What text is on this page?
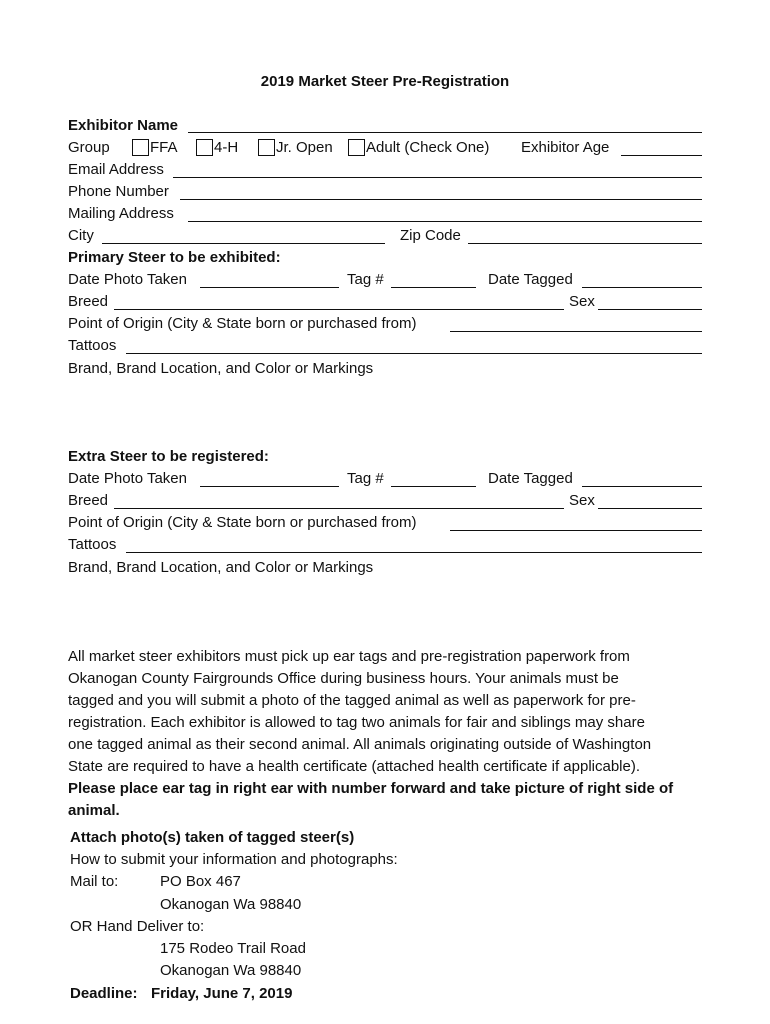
2019 Market Steer Pre-Registration
Exhibitor Name
Group	FFA 4-H	Jr. Open Adult (Check One) Exhibitor Age
Email Address
Phone Number
Mailing Address
City	Zip Code
Primary Steer to be exhibited:
Date Photo Taken	Tag #	Date Tagged
Breed	Sex
Point of Origin (City & State born or purchased from)
Tattoos
Brand, Brand Location, and Color or Markings
Extra Steer to be registered:
Date Photo Taken	Tag #	Date Tagged
Breed	Sex
Point of Origin (City & State born or purchased from)
Tattoos
Brand, Brand Location, and Color or Markings
All market steer exhibitors must pick up ear tags and pre-registration paperwork from
Okanogan County Fairgrounds Office during business hours. Your animals must be
tagged and you will submit a photo of the tagged animal as well as paperwork for pre-
registration. Each exhibitor is allowed to tag two animals for fair and siblings may share
one tagged animal as their second animal. All animals originating outside of Washington
State are required to have a health certificate (attached health certificate if applicable).
Please place ear tag in right ear with number forward and take picture of right side of
animal.
Attach photo(s) taken of tagged steer(s)
How to submit your information and photographs:
Mail to:	PO Box 467
Okanogan Wa 98840
OR Hand Deliver to:
175 Rodeo Trail Road
Okanogan Wa 98840
Deadline: Friday, June 7, 2019
